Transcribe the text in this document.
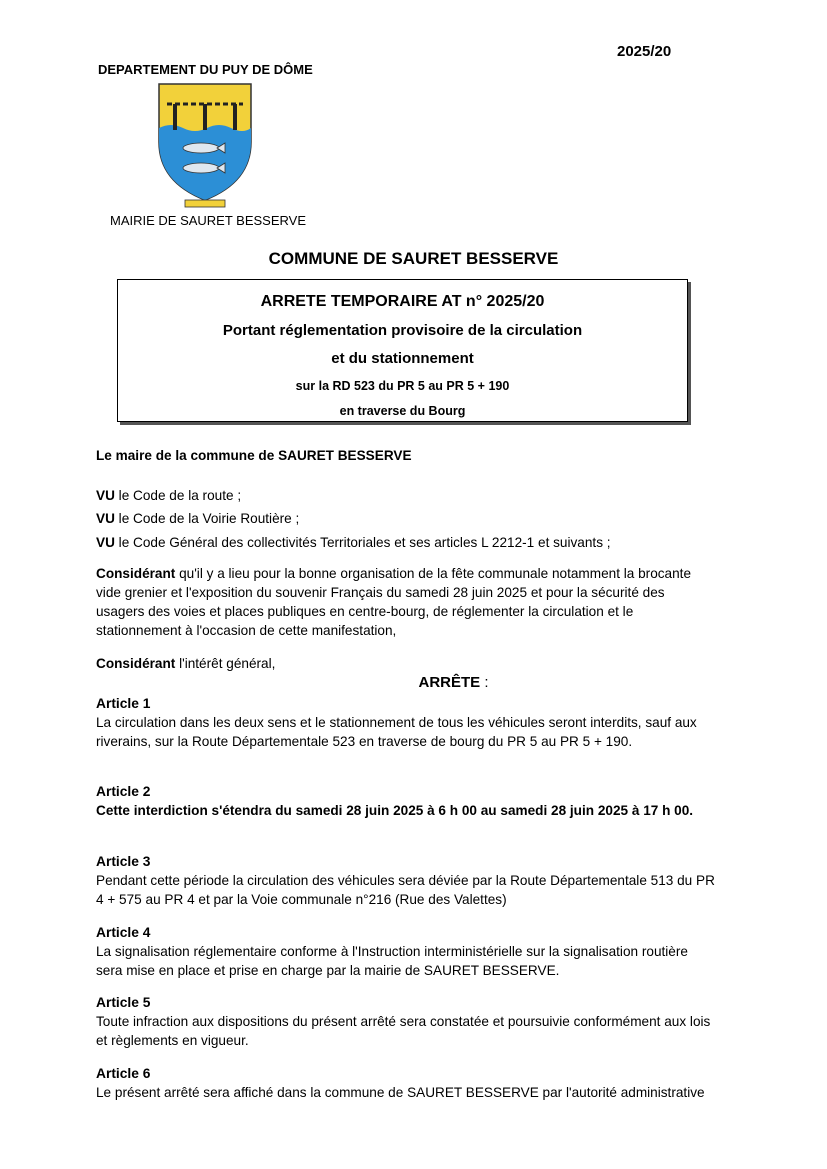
2025/20
DEPARTEMENT DU PUY DE DÔME
MAIRIE DE SAURET BESSERVE
COMMUNE DE SAURET BESSERVE
ARRETE TEMPORAIRE AT n° 2025/20
Portant réglementation provisoire de la circulation
et du stationnement
sur la RD 523 du PR 5 au PR 5 + 190
en traverse du Bourg
Le maire de la commune de SAURET BESSERVE
VU le Code de la route ;
VU le Code de la Voirie Routière ;
VU le Code Général des collectivités Territoriales et ses articles L 2212-1 et suivants ;
Considérant qu'il y a lieu pour la bonne organisation de la fête communale notamment la brocante vide grenier et l'exposition du souvenir Français du samedi 28 juin 2025 et pour la sécurité des usagers des voies et places publiques en centre-bourg, de réglementer la circulation et le stationnement à l'occasion de cette manifestation,
Considérant l'intérêt général,
ARRÊTE :
Article 1
La circulation dans les deux sens et le stationnement de tous les véhicules seront interdits, sauf aux riverains, sur la Route Départementale 523 en traverse de bourg du PR 5 au PR 5 + 190.
Article 2
Cette interdiction s'étendra du samedi 28 juin 2025 à 6 h 00 au samedi 28 juin 2025 à 17 h 00.
Article 3
Pendant cette période la circulation des véhicules sera déviée par la Route Départementale 513 du PR 4 + 575 au PR 4 et par la Voie communale n°216 (Rue des Valettes)
Article 4
La signalisation réglementaire conforme à l'Instruction interministérielle sur la signalisation routière sera mise en place et prise en charge par la mairie de SAURET BESSERVE.
Article 5
Toute infraction aux dispositions du présent arrêté sera constatée et poursuivie conformément aux lois et règlements en vigueur.
Article 6
Le présent arrêté sera affiché dans la commune de SAURET BESSERVE par l'autorité administrative
